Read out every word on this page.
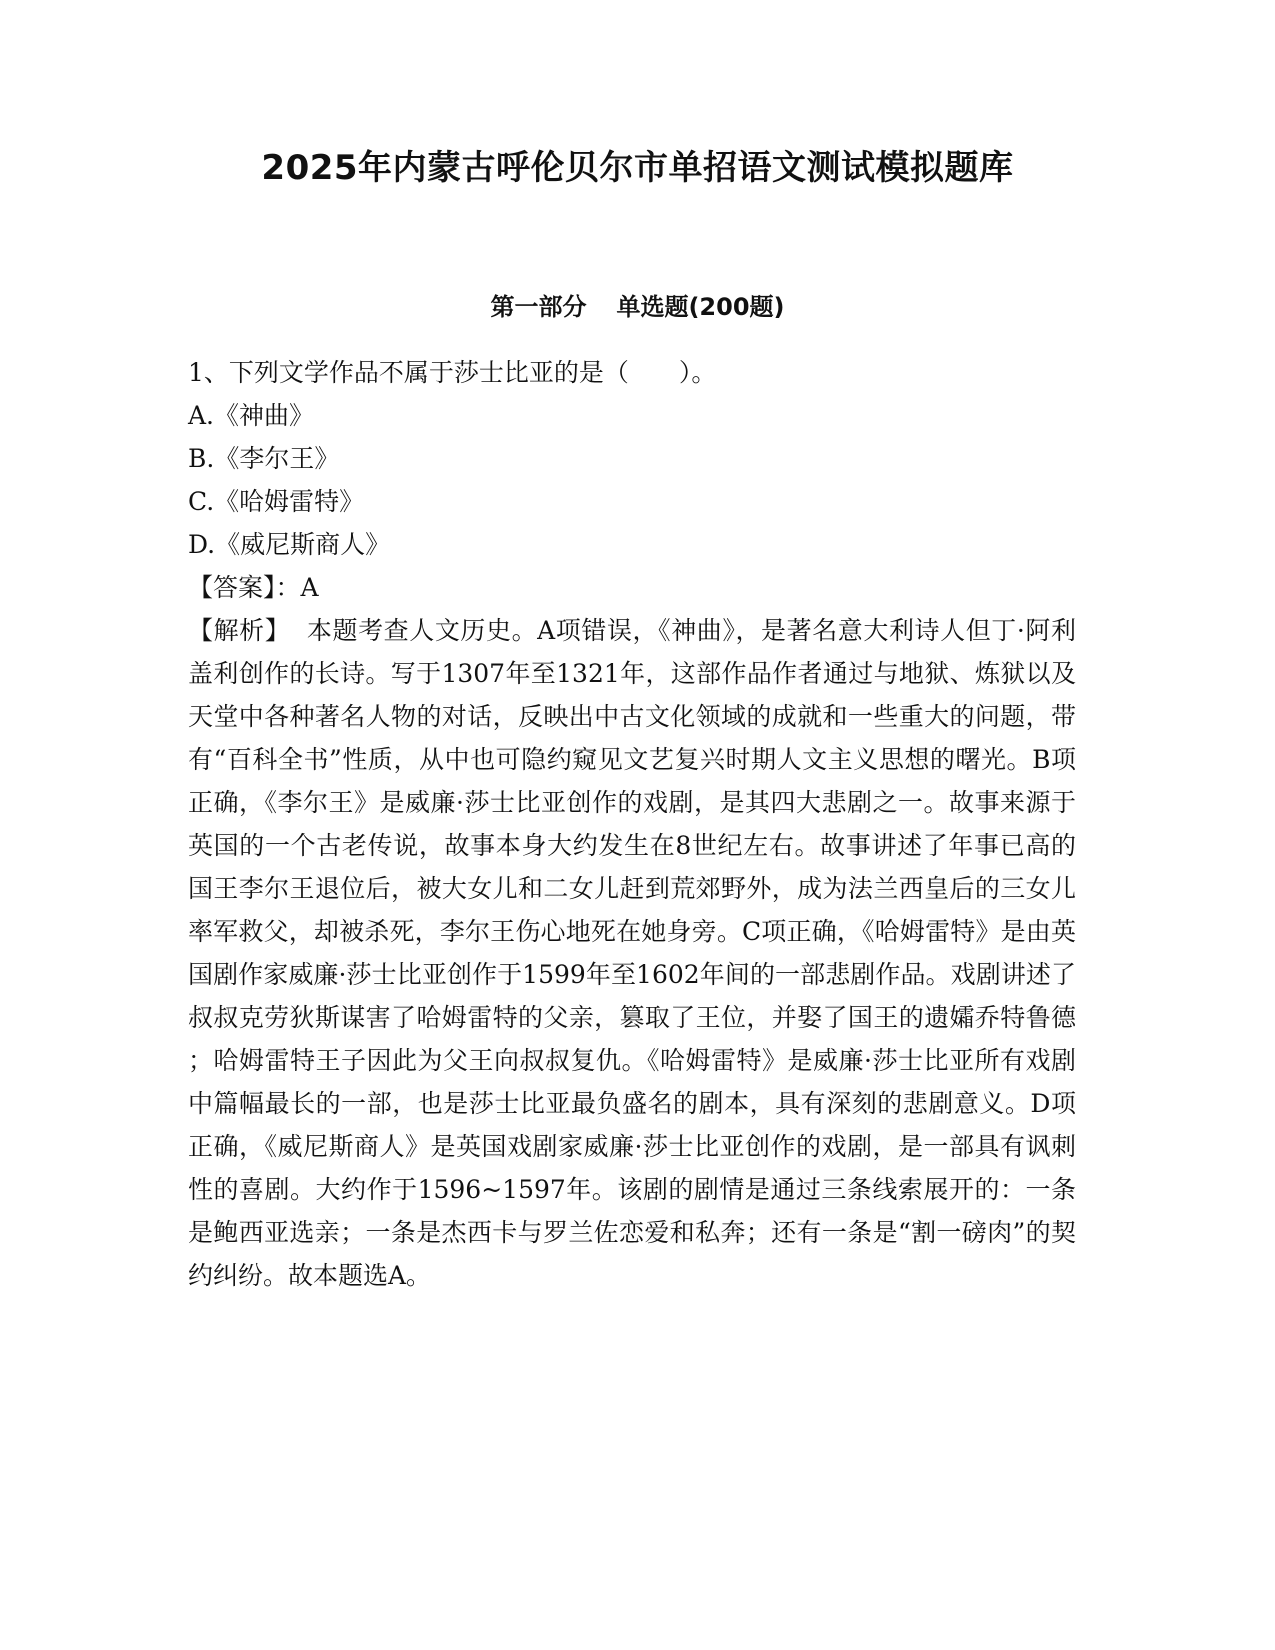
2025年内蒙古呼伦贝尔市单招语文测试模拟题库
第一部分 单选题(200题)

1、下列文学作品不属于莎士比亚的是（　　）。

A.《神曲》

B.《李尔王》

C.《哈姆雷特》

D.《威尼斯商人》

【答案】：A

【解析】 本题考查人文历史。A项错误，《神曲》，是著名意大利诗人但丁·阿利盖利创作的长诗。写于1307年至1321年，这部作品作者通过与地狱、炼狱以及天堂中各种著名人物的对话，反映出中古文化领域的成就和一些重大的问题，带有“百科全书”性质，从中也可隐约窥见文艺复兴时期人文主义思想的曙光。B项正确，《李尔王》是威廉·莎士比亚创作的戏剧，是其四大悲剧之一。故事来源于英国的一个古老传说，故事本身大约发生在8世纪左右。故事讲述了年事已高的国王李尔王退位后，被大女儿和二女儿赶到荒郊野外，成为法兰西皇后的三女儿率军救父，却被杀死，李尔王伤心地死在她身旁。C项正确，《哈姆雷特》是由英国剧作家威廉·莎士比亚创作于1599年至1602年间的一部悲剧作品。戏剧讲述了叔叔克劳狄斯谋害了哈姆雷特的父亲，篡取了王位，并娶了国王的遗孀乔特鲁德；哈姆雷特王子因此为父王向叔叔复仇。《哈姆雷特》是威廉·莎士比亚所有戏剧中篇幅最长的一部，也是莎士比亚最负盛名的剧本，具有深刻的悲剧意义。D项正确，《威尼斯商人》是英国戏剧家威廉·莎士比亚创作的戏剧，是一部具有讽刺性的喜剧。大约作于1596~1597年。该剧的剧情是通过三条线索展开的：一条是鲍西亚选亲；一条是杰西卡与罗兰佐恋爱和私奔；还有一条是“割一磅肉”的契约纠纷。故本题选A。
